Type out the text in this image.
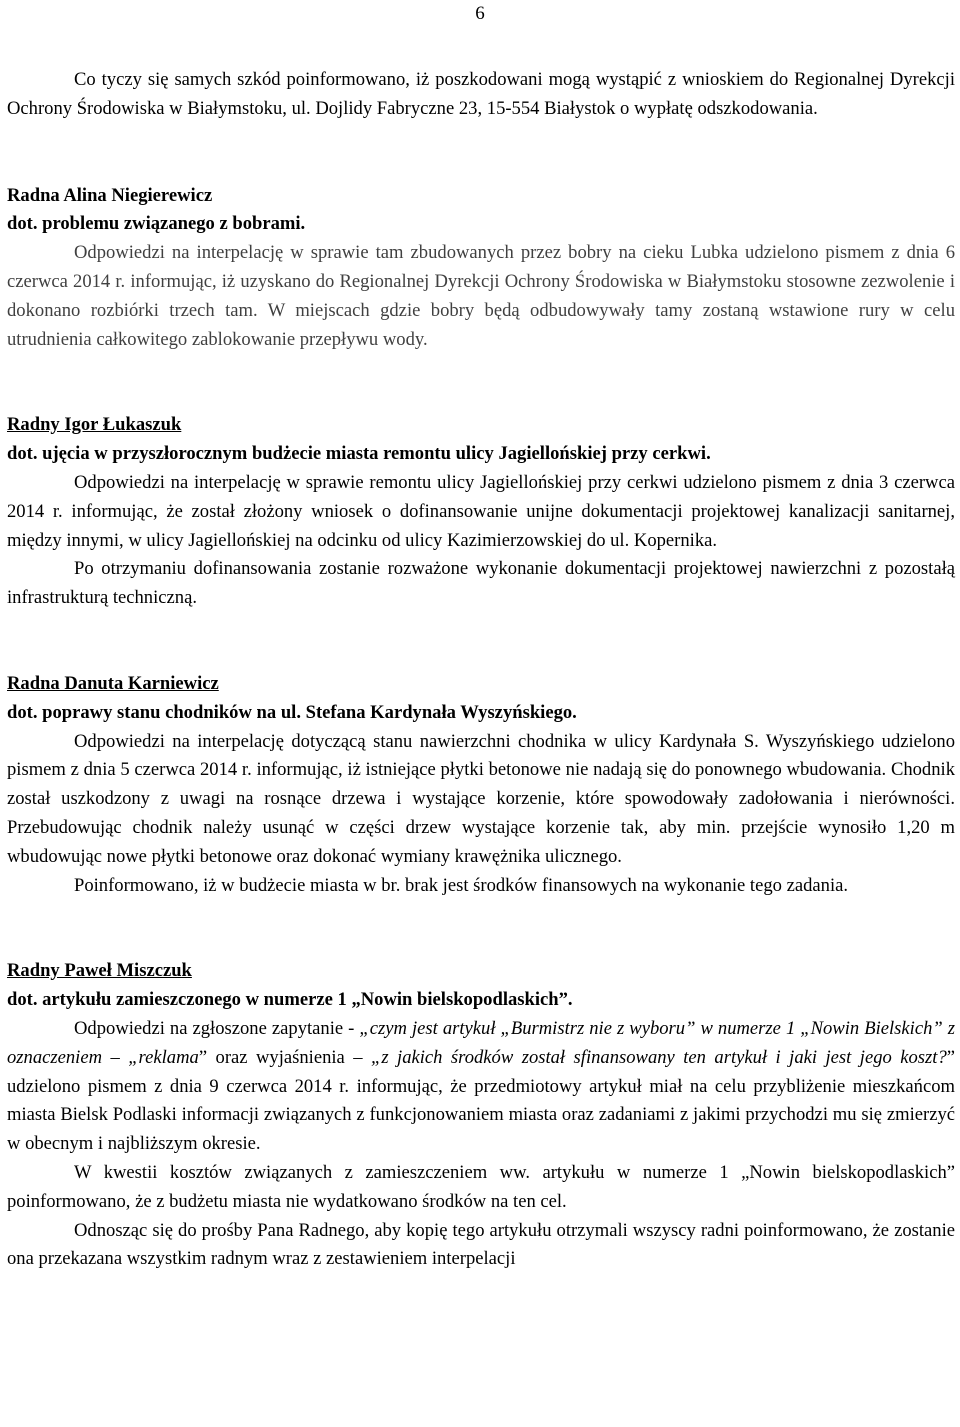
6

Co tyczy się samych szkód poinformowano, iż poszkodowani mogą wystąpić z wnioskiem do Regionalnej Dyrekcji Ochrony Środowiska w Białymstoku, ul. Dojlidy Fabryczne 23, 15-554 Białystok o wypłatę odszkodowania.

Radna Alina Niegierewicz
dot. problemu związanego z bobrami.

Odpowiedzi na interpelację w sprawie tam zbudowanych przez bobry na cieku Lubka udzielono pismem z dnia 6 czerwca 2014 r. informując, iż uzyskano do Regionalnej Dyrekcji Ochrony Środowiska w Białymstoku stosowne zezwolenie i dokonano rozbiórki trzech tam. W miejscach gdzie bobry będą odbudowywały tamy zostaną wstawione rury w celu utrudnienia całkowitego zablokowanie przepływu wody.

Radny Igor Łukaszuk
dot. ujęcia w przyszłorocznym budżecie miasta remontu ulicy Jagiellońskiej przy cerkwi.

Odpowiedzi na interpelację w sprawie remontu ulicy Jagiellońskiej przy cerkwi udzielono pismem z dnia 3 czerwca 2014 r. informując, że został złożony wniosek o dofinansowanie unijne dokumentacji projektowej kanalizacji sanitarnej, między innymi, w ulicy Jagiellońskiej na odcinku od ulicy Kazimierzowskiej do ul. Kopernika.

Po otrzymaniu dofinansowania zostanie rozważone wykonanie dokumentacji projektowej nawierzchni z pozostałą infrastrukturą techniczną.

Radna Danuta Karniewicz
dot. poprawy stanu chodników na ul. Stefana Kardynała Wyszyńskiego.

Odpowiedzi na interpelację dotyczącą stanu nawierzchni chodnika w ulicy Kardynała S. Wyszyńskiego udzielono pismem z dnia 5 czerwca 2014 r. informując, iż istniejące płytki betonowe nie nadają się do ponownego wbudowania. Chodnik został uszkodzony z uwagi na rosnące drzewa i wystające korzenie, które spowodowały zadołowania i nierówności. Przebudowując chodnik należy usunąć w części drzew wystające korzenie tak, aby min. przejście wynosiło 1,20 m wbudowując nowe płytki betonowe oraz dokonać wymiany krawężnika ulicznego.

Poinformowano, iż w budżecie miasta w br. brak jest środków finansowych na wykonanie tego zadania.

Radny Paweł Miszczuk
dot. artykułu zamieszczonego w numerze 1 „Nowin bielskopodlaskich”.

Odpowiedzi na zgłoszone zapytanie - „czym jest artykuł „Burmistrz nie z wyboru” w numerze 1 „Nowin Bielskich” z oznaczeniem – „reklama” oraz wyjaśnienia – „z jakich środków został sfinansowany ten artykuł i jaki jest jego koszt?” udzielono pismem z dnia 9 czerwca 2014 r. informując, że przedmiotowy artykuł miał na celu przybliżenie mieszkańcom miasta Bielsk Podlaski informacji związanych z funkcjonowaniem miasta oraz zadaniami z jakimi przychodzi mu się zmierzyć w obecnym i najbliższym okresie.

W kwestii kosztów związanych z zamieszczeniem ww. artykułu w numerze 1 „Nowin bielskopodlaskich” poinformowano, że z budżetu miasta nie wydatkowano środków na ten cel.

Odnosząc się do prośby Pana Radnego, aby kopię tego artykułu otrzymali wszyscy radni poinformowano, że zostanie ona przekazana wszystkim radnym wraz z zestawieniem interpelacji
